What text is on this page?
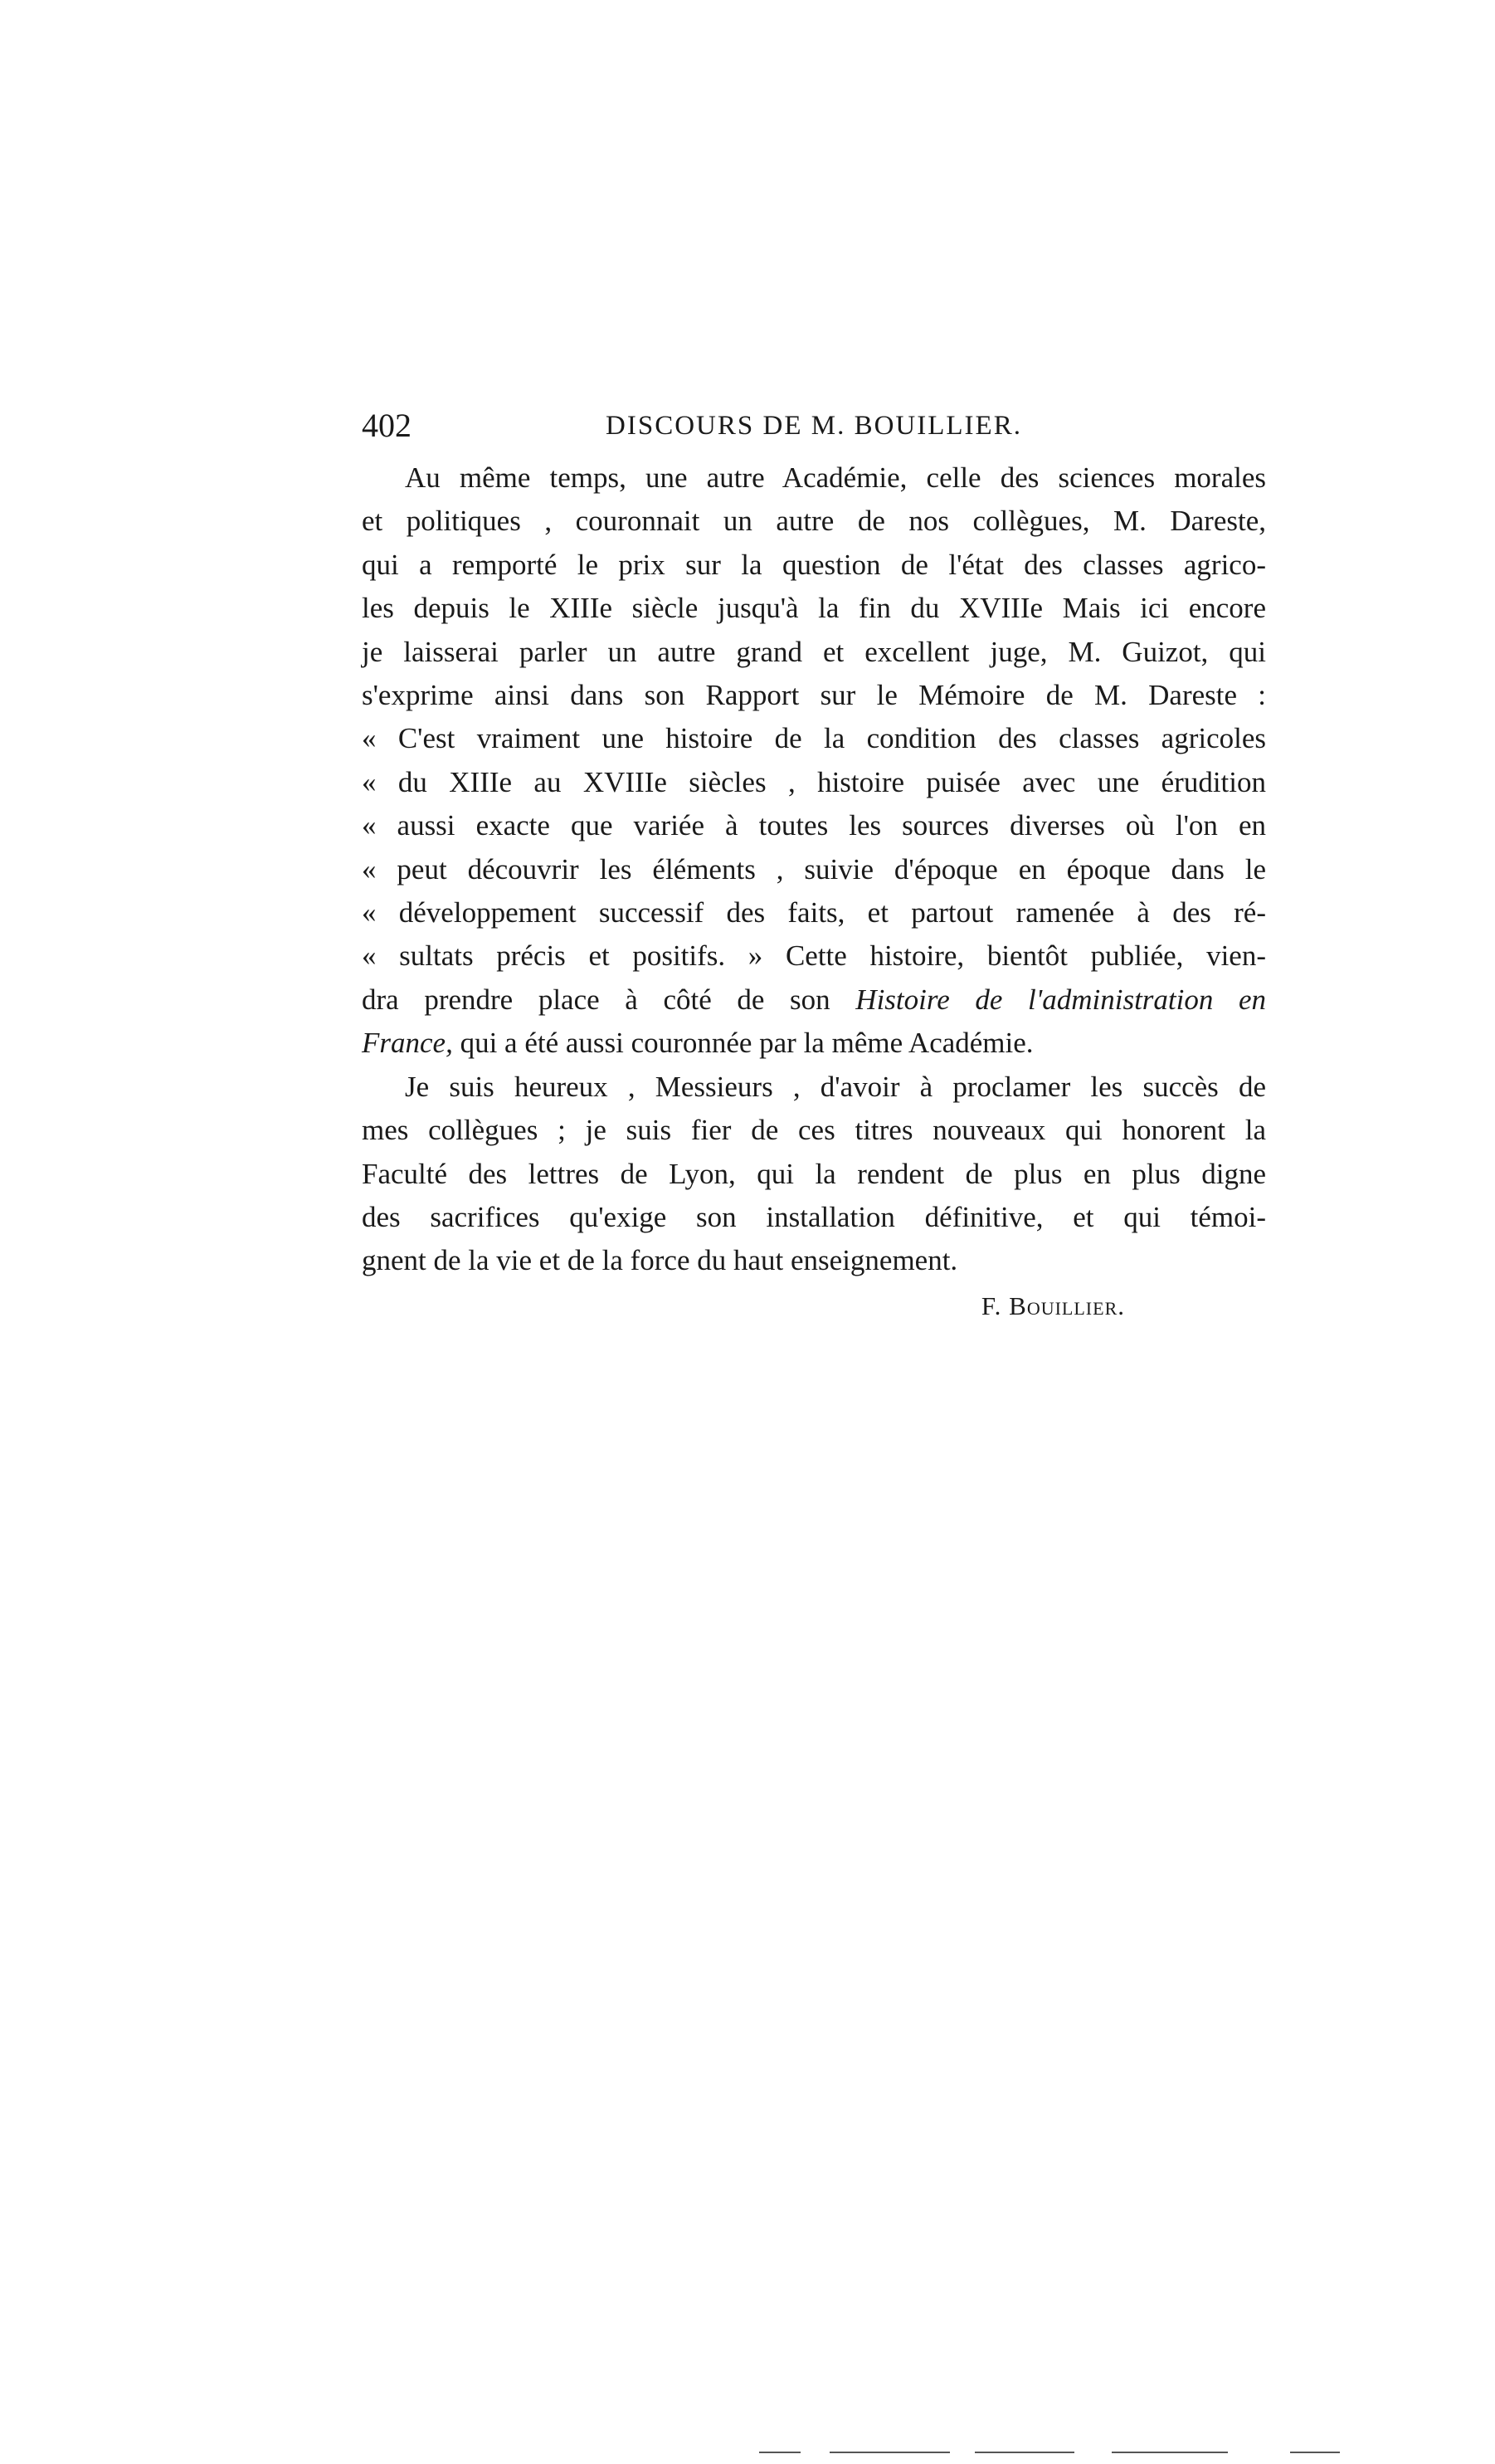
402	DISCOURS DE M. BOUILLIER.

Au même temps, une autre Académie, celle des sciences morales
et politiques , couronnait un autre de nos collègues, M. Dareste,
qui a remporté le prix sur la question de l'état des classes agrico-
les depuis le XIIIe siècle jusqu'à la fin du XVIIIe Mais ici encore
je laisserai parler un autre grand et excellent juge, M. Guizot, qui
s'exprime ainsi dans son Rapport sur le Mémoire de M. Dareste :
« C'est vraiment une histoire de la condition des classes agricoles
« du XIIIe au XVIIIe siècles , histoire puisée avec une érudition
« aussi exacte que variée à toutes les sources diverses où l'on en
« peut découvrir les éléments , suivie d'époque en époque dans le
« développement successif des faits, et partout ramenée à des ré-
« sultats précis et positifs. » Cette histoire, bientôt publiée, vien-
dra prendre place à côté de son Histoire de l'administration en
France, qui a été aussi couronnée par la même Académie.

Je suis heureux , Messieurs , d'avoir à proclamer les succès de
mes collègues ; je suis fier de ces titres nouveaux qui honorent la
Faculté des lettres de Lyon, qui la rendent de plus en plus digne
des sacrifices qu'exige son installation définitive, et qui témoi-
gnent de la vie et de la force du haut enseignement.

F. Bouillier.
